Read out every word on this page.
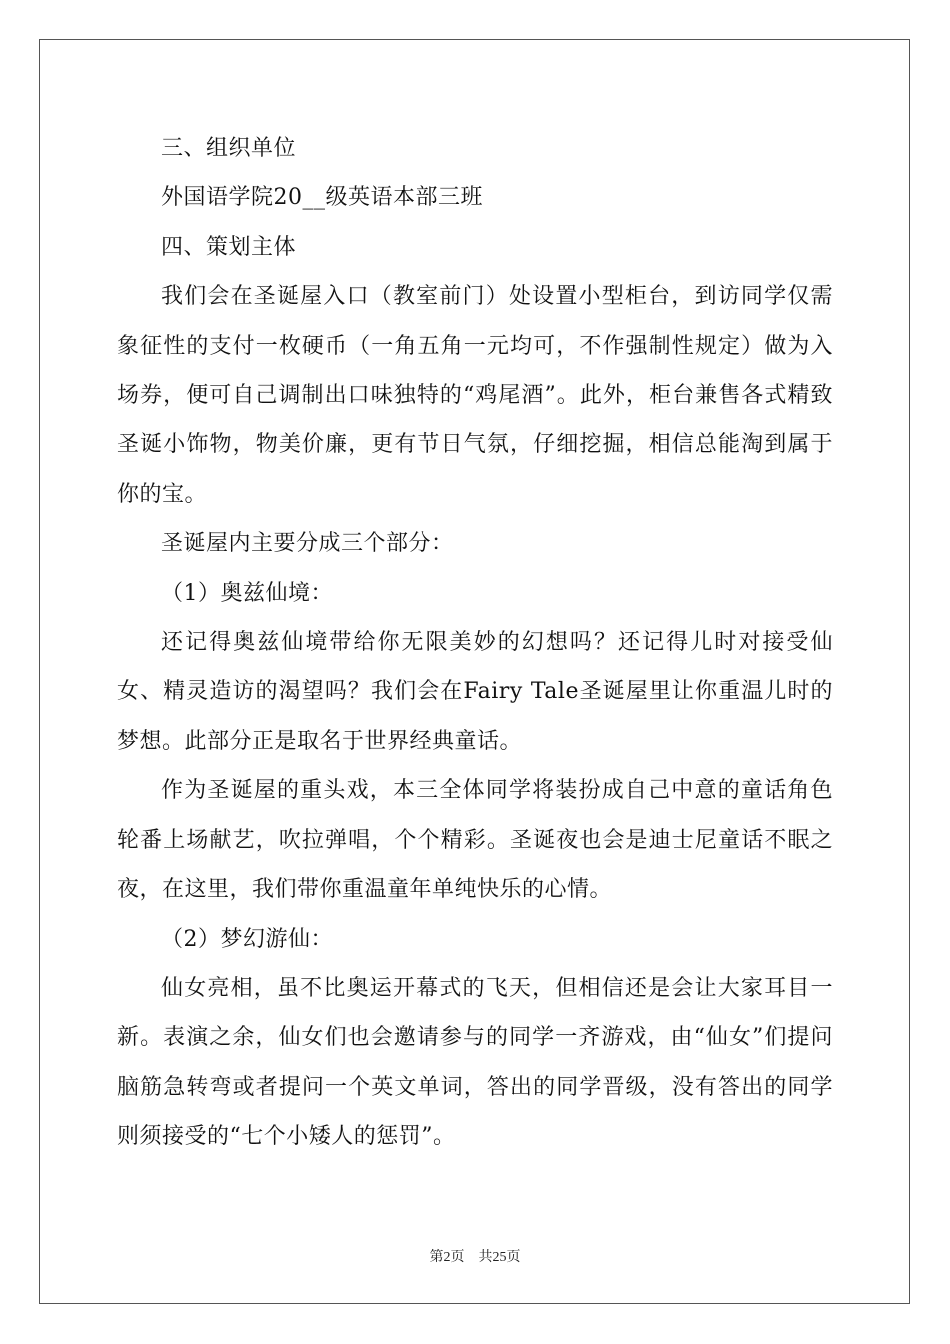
三、组织单位

外国语学院20__级英语本部三班

四、策划主体

我们会在圣诞屋入口（教室前门）处设置小型柜台，到访同学仅需象征性的支付一枚硬币（一角五角一元均可，不作强制性规定）做为入场券，便可自己调制出口味独特的“鸡尾酒”。此外，柜台兼售各式精致圣诞小饰物，物美价廉，更有节日气氛，仔细挖掘，相信总能淘到属于你的宝。

圣诞屋内主要分成三个部分：

（1）奥兹仙境：

还记得奥兹仙境带给你无限美妙的幻想吗？还记得儿时对接受仙女、精灵造访的渴望吗？我们会在Fairy Tale圣诞屋里让你重温儿时的梦想。此部分正是取名于世界经典童话。

作为圣诞屋的重头戏，本三全体同学将装扮成自己中意的童话角色轮番上场献艺，吹拉弹唱，个个精彩。圣诞夜也会是迪士尼童话不眠之夜，在这里，我们带你重温童年单纯快乐的心情。

（2）梦幻游仙：

仙女亮相，虽不比奥运开幕式的飞天，但相信还是会让大家耳目一新。表演之余，仙女们也会邀请参与的同学一齐游戏，由“仙女”们提问脑筋急转弯或者提问一个英文单词，答出的同学晋级，没有答出的同学则须接受的“七个小矮人的惩罚”。

第2页 共25页
